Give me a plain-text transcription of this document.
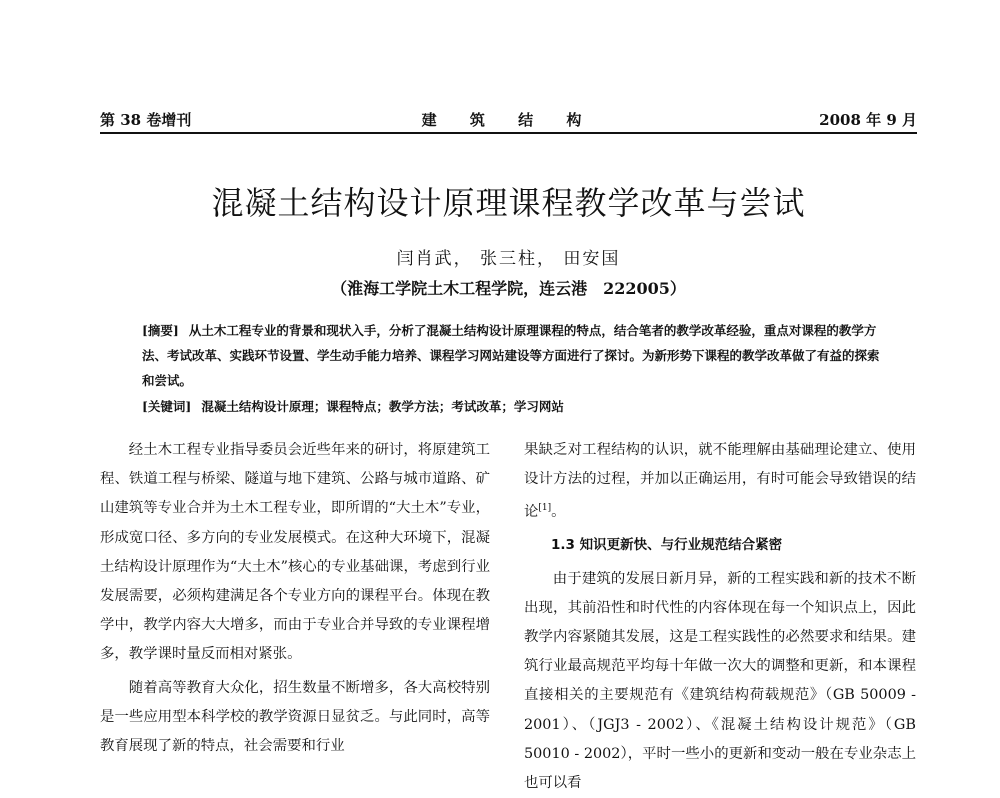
第 38 卷增刊	建 筑 结 构	2008 年 9 月
混凝土结构设计原理课程教学改革与尝试
闫肖武， 张三柱， 田安国
（淮海工学院土木工程学院，连云港　222005）
[摘要] 从土木工程专业的背景和现状入手，分析了混凝土结构设计原理课程的特点，结合笔者的教学改革经验，重点对课程的教学方法、考试改革、实践环节设置、学生动手能力培养、课程学习网站建设等方面进行了探讨。为新形势下课程的教学改革做了有益的探索和尝试。
[关键词] 混凝土结构设计原理；课程特点；教学方法；考试改革；学习网站

经土木工程专业指导委员会近些年来的研讨，将原建筑工程、铁道工程与桥梁、隧道与地下建筑、公路与城市道路、矿山建筑等专业合并为土木工程专业，即所谓的“大土木”专业，形成宽口径、多方向的专业发展模式。在这种大环境下，混凝土结构设计原理作为“大土木”核心的专业基础课，考虑到行业发展需要，必须构建满足各个专业方向的课程平台。体现在教学中，教学内容大大增多，而由于专业合并导致的专业课程增多，教学课时量反而相对紧张。

随着高等教育大众化，招生数量不断增多，各大高校特别是一些应用型本科学校的教学资源日显贫乏。与此同时，高等教育展现了新的特点，社会需要和行业

果缺乏对工程结构的认识，就不能理解由基础理论建立、使用设计方法的过程，并加以正确运用，有时可能会导致错误的结论[1]。

1.3 知识更新快、与行业规范结合紧密

由于建筑的发展日新月异，新的工程实践和新的技术不断出现，其前沿性和时代性的内容体现在每一个知识点上，因此教学内容紧随其发展，这是工程实践性的必然要求和结果。建筑行业最高规范平均每十年做一次大的调整和更新，和本课程直接相关的主要规范有《建筑结构荷载规范》（GB 50009 - 2001）、（JGJ3 - 2002）、《混凝土结构设计规范》（GB 50010 - 2002），平时一些小的更新和变动一般在专业杂志上也可以看
